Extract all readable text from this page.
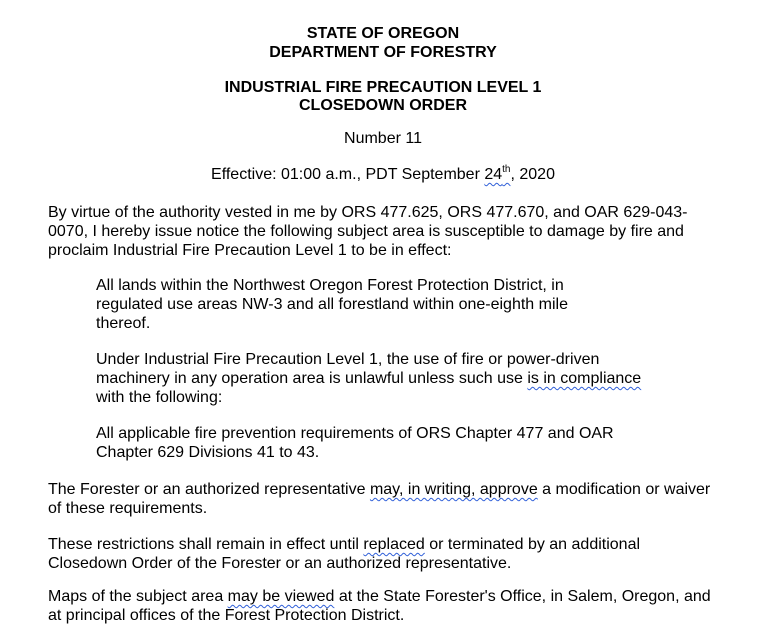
STATE OF OREGON
DEPARTMENT OF FORESTRY
INDUSTRIAL FIRE PRECAUTION LEVEL 1
CLOSEDOWN ORDER
Number 11
Effective: 01:00 a.m., PDT September 24th, 2020
By virtue of the authority vested in me by ORS 477.625, ORS 477.670, and OAR 629-043-
0070, I hereby issue notice the following subject area is susceptible to damage by fire and
proclaim Industrial Fire Precaution Level 1 to be in effect:
All lands within the Northwest Oregon Forest Protection District, in
regulated use areas NW-3 and all forestland within one-eighth mile
thereof.
Under Industrial Fire Precaution Level 1, the use of fire or power-driven
machinery in any operation area is unlawful unless such use is in compliance
with the following:
All applicable fire prevention requirements of ORS Chapter 477 and OAR
Chapter 629 Divisions 41 to 43.
The Forester or an authorized representative may, in writing, approve a modification or waiver
of these requirements.
These restrictions shall remain in effect until replaced or terminated by an additional
Closedown Order of the Forester or an authorized representative.
Maps of the subject area may be viewed at the State Forester's Office, in Salem, Oregon, and
at principal offices of the Forest Protection District.
